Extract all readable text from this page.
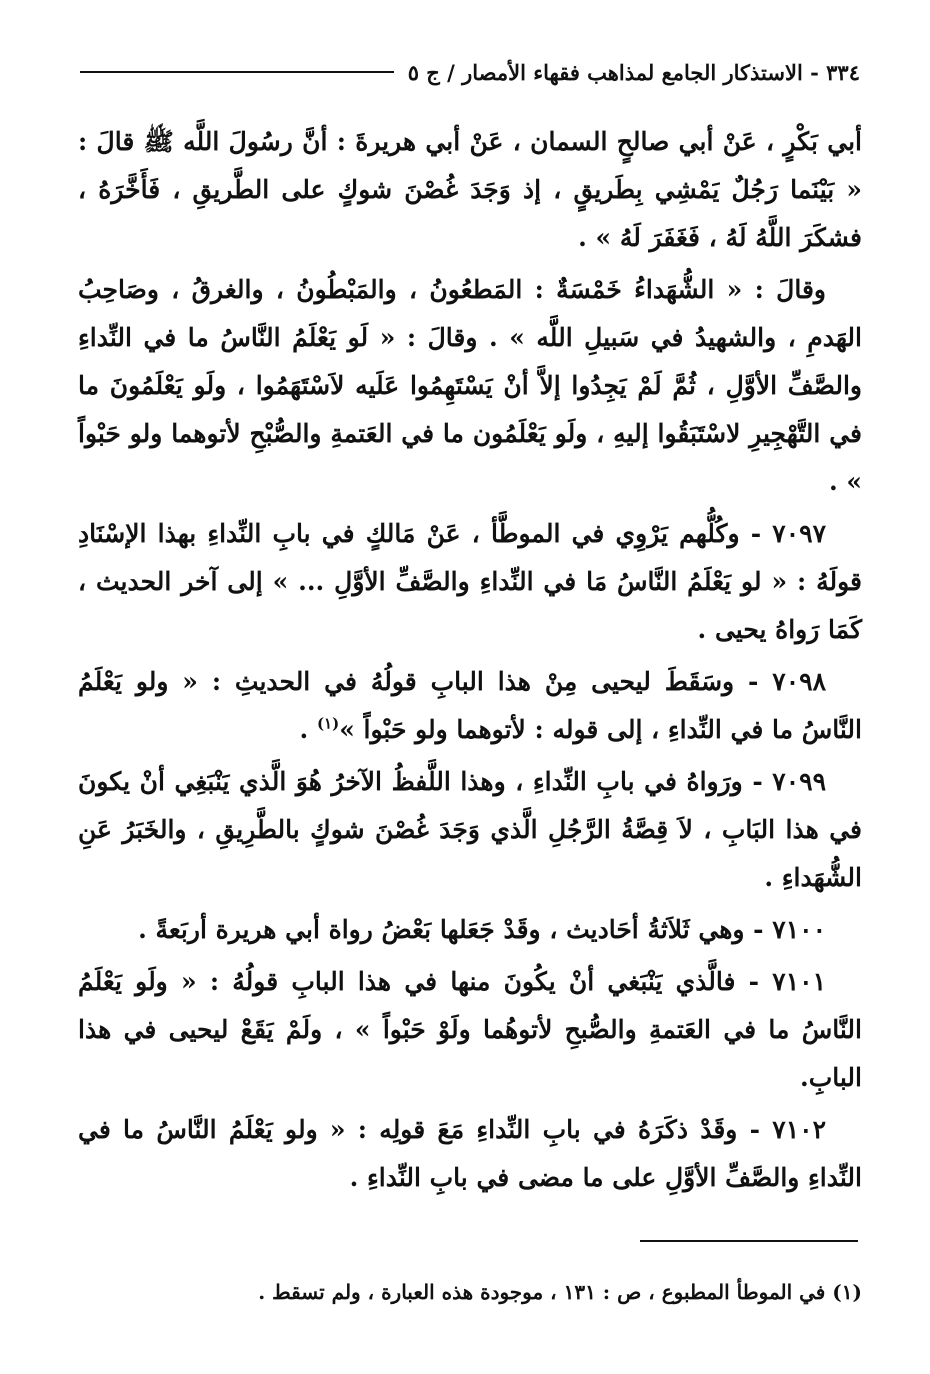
٣٣٤ - الاستذكار الجامع لمذاهب فقهاء الأمصار / ج ٥

أبي بَكْرٍ ، عَنْ أبي صالحٍ السمان ، عَنْ أبي هريرةَ : أنَّ رسُولَ اللَّه ﷺ قالَ : « بَيْنَما رَجُلٌ يَمْشِي بِطَريقٍ ، إذ وَجَدَ غُصْنَ شوكٍ على الطَّريقِ ، فَأَخَّرَهُ ، فشكَرَ اللَّهُ لَهُ ، فَغَفَرَ لَهُ » .

وقالَ : « الشُّهَداءُ خَمْسَةٌ : المَطعُونُ ، والمَبْطُونُ ، والغرقُ ، وصَاحِبُ الهَدمِ ، والشهيدُ في سَبيلِ اللَّه » . وقالَ : « لَو يَعْلَمُ النَّاسُ ما في النِّداءِ والصَّفِّ الأوَّلِ ، ثُمَّ لَمْ يَجِدُوا إلاَّ أنْ يَسْتَهِمُوا عَلَيه لاَسْتَهَمُوا ، ولَو يَعْلَمُونَ ما في التَّهْجِيرِ لاسْتَبَقُوا إليهِ ، ولَو يَعْلَمُون ما في العَتمةِ والصُّبْحِ لأتوهما ولو حَبْواً » .

٧٠٩٧ - وكُلُّهم يَرْوِي في الموطَّأ ، عَنْ مَالكٍ في بابِ النِّداءِ بهذا الإسْنَادِ قولَهُ : « لو يَعْلَمُ النَّاسُ مَا في النِّداءِ والصَّفِّ الأوَّلِ ... » إلى آخر الحديث ، كَمَا رَواهُ يحيى .

٧٠٩٨ - وسَقَطَ ليحيى مِنْ هذا البابِ قولُهُ في الحديثِ : « ولو يَعْلَمُ النَّاسُ ما في النِّداءِ ، إلى قوله : لأتوهما ولو حَبْواً »$^{(١)}$ .

٧٠٩٩ - ورَواهُ في بابِ النِّداءِ ، وهذا اللَّفظُ الآخرُ هُوَ الَّذي يَنْبَغِي أنْ يكونَ في هذا البَابِ ، لاَ قِصَّةُ الرَّجُلِ الَّذي وَجَدَ غُصْنَ شوكٍ بالطَّرِيقِ ، والخَبَرُ عَنِ الشُّهَداءِ .

٧١٠٠ - وهي ثَلاَثةُ أحَاديث ، وقَدْ جَعَلها بَعْضُ رواة أبي هريرة أربَعةً .

٧١٠١ - فالَّذي يَنْبَغي أنْ يكُونَ منها في هذا البابِ قولُهُ : « ولَو يَعْلَمُ النَّاسُ ما في العَتمةِ والصُّبحِ لأتوهُما ولَوْ حَبْواً » ، ولَمْ يَقَعْ ليحيى في هذا البابِ.

٧١٠٢ - وقَدْ ذكَرَهُ في بابِ النِّداءِ مَعَ قولِه : « ولو يَعْلَمُ النَّاسُ ما في النِّداءِ والصَّفِّ الأوَّلِ على ما مضى في بابِ النِّداءِ .

(١) في الموطأ المطبوع ، ص : ١٣١ ، موجودة هذه العبارة ، ولم تسقط .
